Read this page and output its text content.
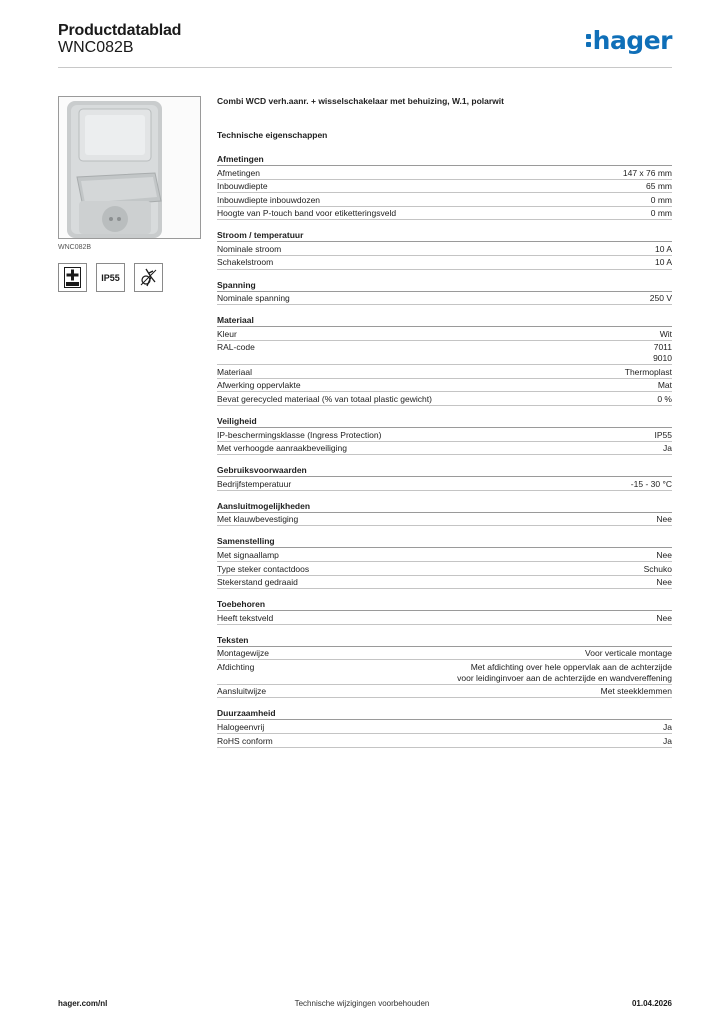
Productdatablad
WNC082B	hager
WNC082B
IP55
Combi WCD verh.aanr. + wisselschakelaar met behuizing, W.1, polarwit
Technische eigenschappen
Afmetingen
Afmetingen	147 x 76 mm
Inbouwdiepte	65 mm
Inbouwdiepte inbouwdozen	0 mm
Hoogte van P-touch band voor etiketteringsveld	0 mm
Stroom / temperatuur
Nominale stroom	10 A
Schakelstroom	10 A
Spanning
Nominale spanning	250 V
Materiaal
Kleur	Wit
RAL-code	7011
9010
Materiaal	Thermoplast
Afwerking oppervlakte	Mat
Bevat gerecycled materiaal (% van totaal plastic gewicht)	0 %
Veiligheid
IP-beschermingsklasse (Ingress Protection)	IP55
Met verhoogde aanraakbeveiliging	Ja
Gebruiksvoorwaarden
Bedrijfstemperatuur	-15 - 30 °C
Aansluitmogelijkheden
Met klauwbevestiging	Nee
Samenstelling
Met signaallamp	Nee
Type steker contactdoos	Schuko
Stekerstand gedraaid	Nee
Toebehoren
Heeft tekstveld	Nee
Teksten
Montagewijze	Voor verticale montage
Afdichting	Met afdichting over hele oppervlak aan de achterzijde voor leidinginvoer aan de achterzijde en wandvereffening
Aansluitwijze	Met steekklemmen
Duurzaamheid
Halogeenvrij	Ja
RoHS conform	Ja
hager.com/nl	Technische wijzigingen voorbehouden	01.04.2026
